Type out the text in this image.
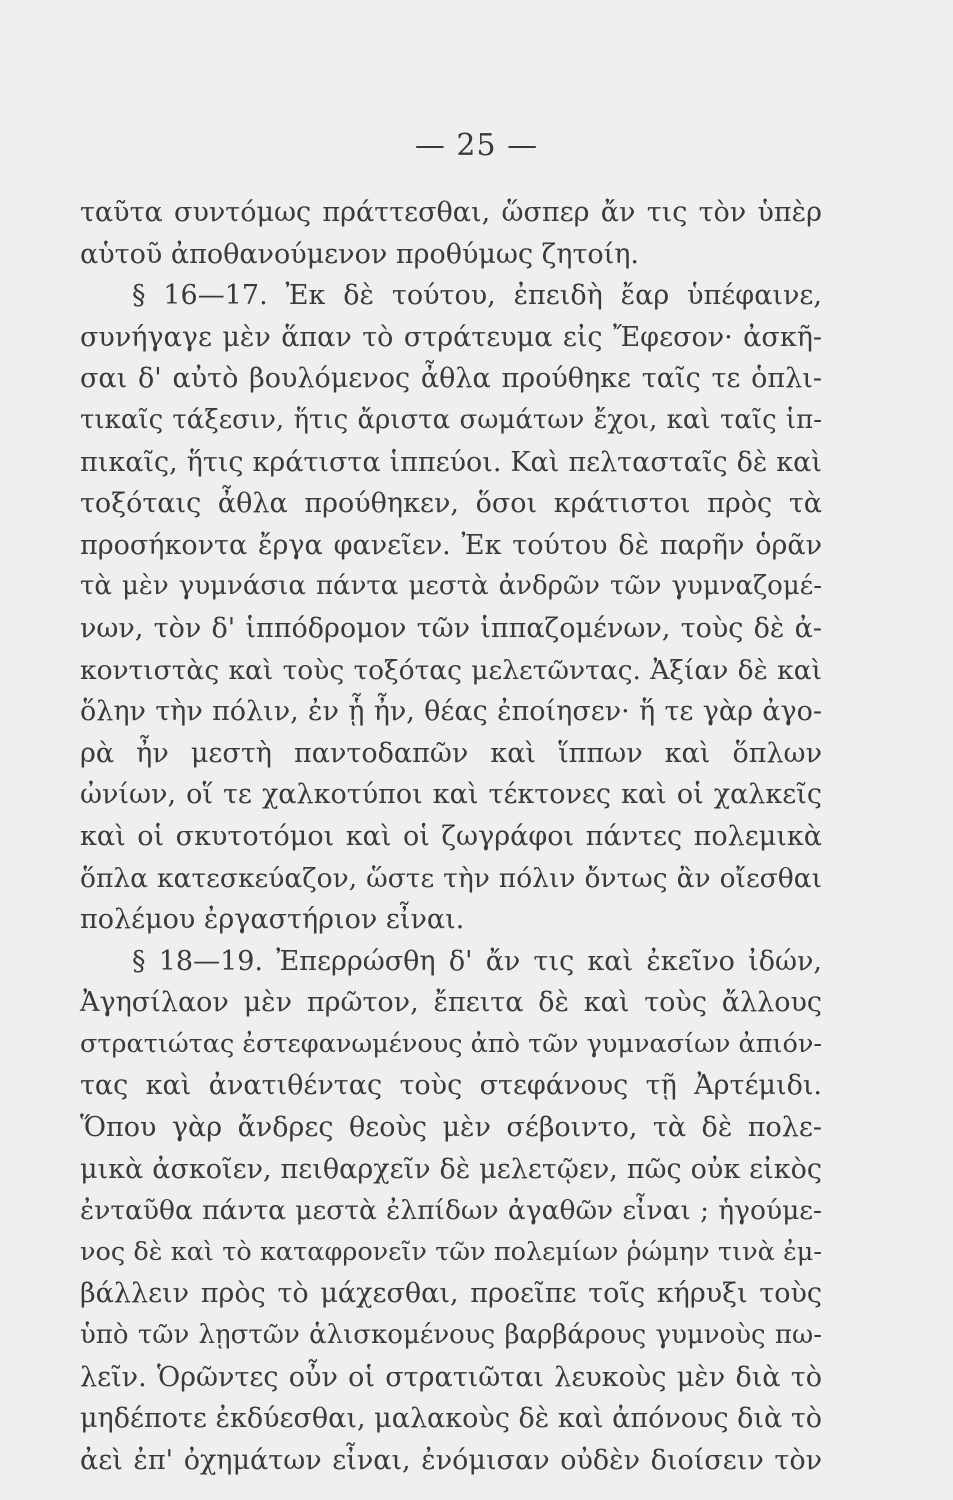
— 25 —
ταῦτα συντόμως πράττεσθαι, ὥσπερ ἄν τις τὸν ὑπὲρ
αὑτοῦ ἀποθανούμενον προθύμως ζητοίη.
§ 16—17. Ἐκ δὲ τούτου, ἐπειδὴ ἔαρ ὑπέφαινε,
συνήγαγε μὲν ἅπαν τὸ στράτευμα εἰς Ἔφεσον· ἀσκῆ-
σαι δ' αὐτὸ βουλόμενος ἆθλα προύθηκε ταῖς τε ὁπλι-
τικαῖς τάξεσιν, ἥτις ἄριστα σωμάτων ἔχοι, καὶ ταῖς ἱπ-
πικαῖς, ἥτις κράτιστα ἱππεύοι. Καὶ πελτασταῖς δὲ καὶ
τοξόταις ἆθλα προύθηκεν, ὅσοι κράτιστοι πρὸς τὰ
προσήκοντα ἔργα φανεῖεν. Ἐκ τούτου δὲ παρῆν ὁρᾶν
τὰ μὲν γυμνάσια πάντα μεστὰ ἀνδρῶν τῶν γυμναζομέ-
νων, τὸν δ' ἱππόδρομον τῶν ἱππαζομένων, τοὺς δὲ ἀ-
κοντιστὰς καὶ τοὺς τοξότας μελετῶντας. Ἀξίαν δὲ καὶ
ὅλην τὴν πόλιν, ἐν ᾗ ἦν, θέας ἐποίησεν· ἥ τε γὰρ ἀγο-
ρὰ ἦν μεστὴ παντοδαπῶν καὶ ἵππων καὶ ὅπλων
ὠνίων, οἵ τε χαλκοτύποι καὶ τέκτονες καὶ οἱ χαλκεῖς
καὶ οἱ σκυτοτόμοι καὶ οἱ ζωγράφοι πάντες πολεμικὰ
ὅπλα κατεσκεύαζον, ὥστε τὴν πόλιν ὄντως ἂν οἴεσθαι
πολέμου ἐργαστήριον εἶναι.
§ 18—19. Ἐπερρώσθη δ' ἄν τις καὶ ἐκεῖνο ἰδών,
Ἀγησίλαον μὲν πρῶτον, ἔπειτα δὲ καὶ τοὺς ἄλλους
στρατιώτας ἐστεφανωμένους ἀπὸ τῶν γυμνασίων ἀπιόν-
τας καὶ ἀνατιθέντας τοὺς στεφάνους τῇ Ἀρτέμιδι.
Ὅπου γὰρ ἄνδρες θεοὺς μὲν σέβοιντο, τὰ δὲ πολε-
μικὰ ἀσκοῖεν, πειθαρχεῖν δὲ μελετῷεν, πῶς οὐκ εἰκὸς
ἐνταῦθα πάντα μεστὰ ἐλπίδων ἀγαθῶν εἶναι ; ἡγούμε-
νος δὲ καὶ τὸ καταφρονεῖν τῶν πολεμίων ῥώμην τινὰ ἐμ-
βάλλειν πρὸς τὸ μάχεσθαι, προεῖπε τοῖς κήρυξι τοὺς
ὑπὸ τῶν λῃστῶν ἁλισκομένους βαρβάρους γυμνοὺς πω-
λεῖν. Ὁρῶντες οὖν οἱ στρατιῶται λευκοὺς μὲν διὰ τὸ
μηδέποτε ἐκδύεσθαι, μαλακοὺς δὲ καὶ ἀπόνους διὰ τὸ
ἀεὶ ἐπ' ὀχημάτων εἶναι, ἐνόμισαν οὐδὲν διοίσειν τὸν
